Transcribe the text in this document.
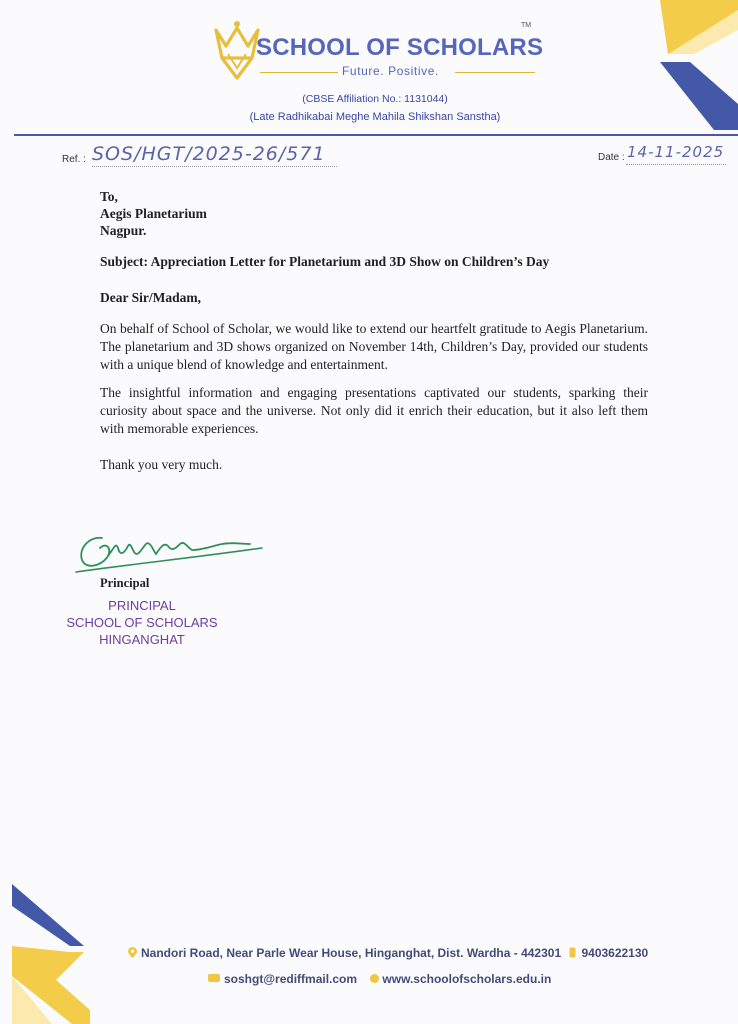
SCHOOL OF SCHOLARS
TM
Future. Positive.
(CBSE Affiliation No.: 1131044)
(Late Radhikabai Meghe Mahila Shikshan Sanstha)
Ref. : SOS/HGT/2025-26/571	Date : 14-11-2025
To,
Aegis Planetarium
Nagpur.
Subject: Appreciation Letter for Planetarium and 3D Show on Children’s Day
Dear Sir/Madam,
On behalf of School of Scholar, we would like to extend our heartfelt gratitude to Aegis Planetarium. The planetarium and 3D shows organized on November 14th, Children’s Day, provided our students with a unique blend of knowledge and entertainment.
The insightful information and engaging presentations captivated our students, sparking their curiosity about space and the universe. Not only did it enrich their education, but it also left them with memorable experiences.
Thank you very much.
Principal
PRINCIPAL
SCHOOL OF SCHOLARS
HINGANGHAT
Nandori Road, Near Parle Wear House, Hinganghat, Dist. Wardha - 442301 9403622130
soshgt@rediffmail.com www.schoolofscholars.edu.in
